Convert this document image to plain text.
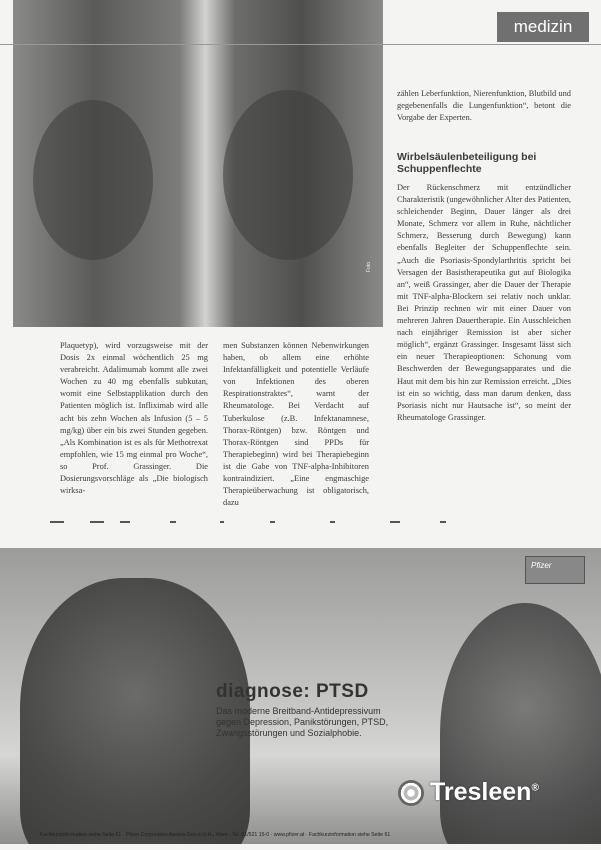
medizin

Plaquetyp), wird vorzugsweise mit der Dosis 2x einmal wöchentlich 25 mg verabreicht. Adalimumab kommt alle zwei Wochen zu 40 mg ebenfalls subkutan, womit eine Selbstapplikation durch den Patienten möglich ist. Infliximab wird alle acht bis zehn Wochen als Infusion (5 – 5 mg/kg) über ein bis zwei Stunden gegeben. „Als Kombination ist es als für Methotrexat empfohlen, wie 15 mg einmal pro Woche“, so Prof. Grassinger. Die Dosierungsvorschläge als „Die biologisch wirksa-

men Substanzen können Nebenwirkungen haben, ob allem eine erhöhte Infektanfälligkeit und potentielle Verläufe von Infektionen des oberen Respirationstraktes“, warnt der Rheumatologe. Bei Verdacht auf Tuberkulose (z.B. Infektanamnese, Thorax-Röntgen) bzw. Röntgen und Thorax-Röntgen sind PPDs für Therapiebeginn) wird bei Therapiebeginn ist die Gabe von TNF-alpha-Inhibitoren kontraindiziert. „Eine engmaschige Therapieüberwachung ist obligatorisch, dazu

zählen Leberfunktion, Nierenfunktion, Blutbild und gegebenenfalls die Lungenfunktion“, betont die Vorgabe der Experten.

Wirbelsäulenbeteiligung bei Schuppenflechte

Der Rückenschmerz mit entzündlicher Charakteristik (ungewöhnlicher Alter des Patienten, schleichender Beginn, Dauer länger als drei Monate, Schmerz vor allem in Ruhe, nächtlicher Schmerz, Besserung durch Bewegung) kann ebenfalls Begleiter der Schuppenflechte sein. „Auch die Psoriasis-Spondylarthritis spricht bei Versagen der Basistherapeutika gut auf Biologika an“, weiß Grassinger, aber die Dauer der Therapie mit TNF-alpha-Blockern sei relativ noch unklar. Bei Prinzip rechnen wir mit einer Dauer von mehreren Jahren Dauertherapie. Ein Ausschleichen nach einjähriger Remission ist aber sicher möglich“, ergänzt Grassinger. Insgesamt lässt sich ein neuer Therapieoptionen: Schonung vom Beschwerden der Bewegungsapparates und die Haut mit dem bis hin zur Remission erreicht. „Dies ist ein so wichtig, dass man darum denken, dass Psoriasis nicht nur Hautsache ist“, so meint der Rheumatologe Grassinger.

Pfizer
diagnose: PTSD
Das moderne Breitband-Antidepressivum
gegen Depression, Panikstörungen, PTSD,
Zwangsstörungen und Sozialphobie.
Tresleen®
Fachkurzinformation siehe Seite 61 · Pfizer Corporation Austria Ges.m.b.H., Wien · Tel. 01/521 15-0 · www.pfizer.at · Fachkurzinformation siehe Seite 61
Foto
